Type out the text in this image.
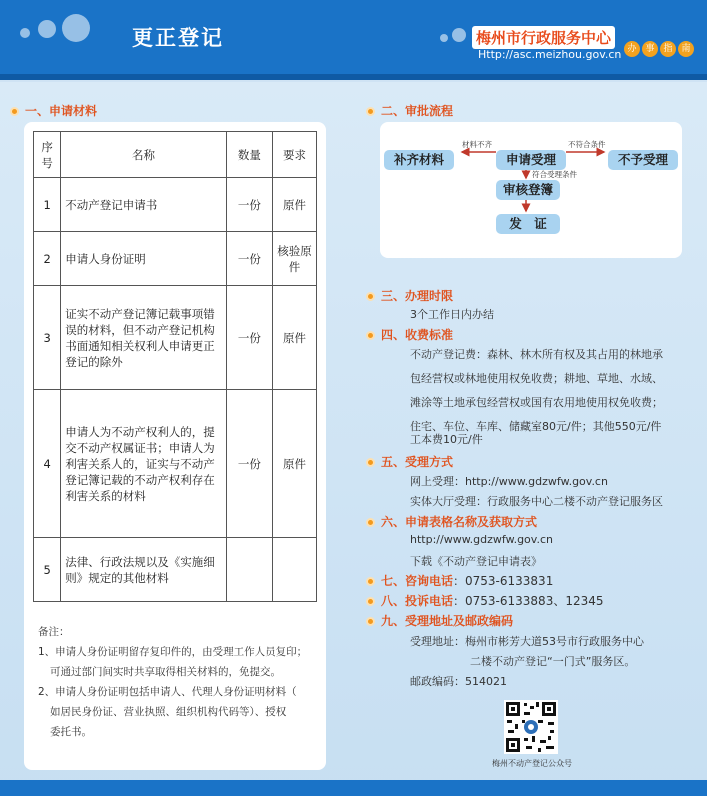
更正登记	梅州市行政服务中心
Http://asc.meizhou.gov.cn 办 事 指 南
一、申请材料
序号	名称	数量	要求
1	不动产登记申请书	一份	原件
2	申请人身份证明	一份	核验原件
3	证实不动产登记簿记载事项错误的材料，但不动产登记机构书面通知相关权利人申请更正登记的除外	一份	原件
4	申请人为不动产权利人的，提交不动产权属证书；申请人为利害关系人的，证实与不动产登记簿记载的不动产权利存在利害关系的材料	一份	原件
5	法律、行政法规以及《实施细则》规定的其他材料		
备注：
1、申请人身份证明留存复印件的，由受理工作人员复印；
可通过部门间实时共享取得相关材料的，免提交。
2、申请人身份证明包括申请人、代理人身份证明材料（
如居民身份证、营业执照、组织机构代码等）、授权
委托书。
二、审批流程
补齐材料	申请受理	不予受理
审核登簿
发　证
材料不齐	不符合条件
符合受理条件
三、办理时限
3个工作日内办结
四、收费标准
不动产登记费：森林、林木所有权及其占用的林地承
包经营权或林地使用权免收费；耕地、草地、水域、
滩涂等土地承包经营权或国有农用地使用权免收费；
住宅、车位、车库、储藏室80元/件；其他550元/件
工本费10元/件
五、受理方式
网上受理：http://www.gdzwfw.gov.cn
实体大厅受理：行政服务中心二楼不动产登记服务区
六、申请表格名称及获取方式
http://www.gdzwfw.gov.cn
下载《不动产登记申请表》
七、咨询电话：0753-6133831
八、投诉电话：0753-6133883、12345
九、受理地址及邮政编码
受理地址：梅州市彬芳大道53号市行政服务中心
二楼不动产登记“一门式”服务区。
邮政编码：514021
梅州不动产登记公众号
